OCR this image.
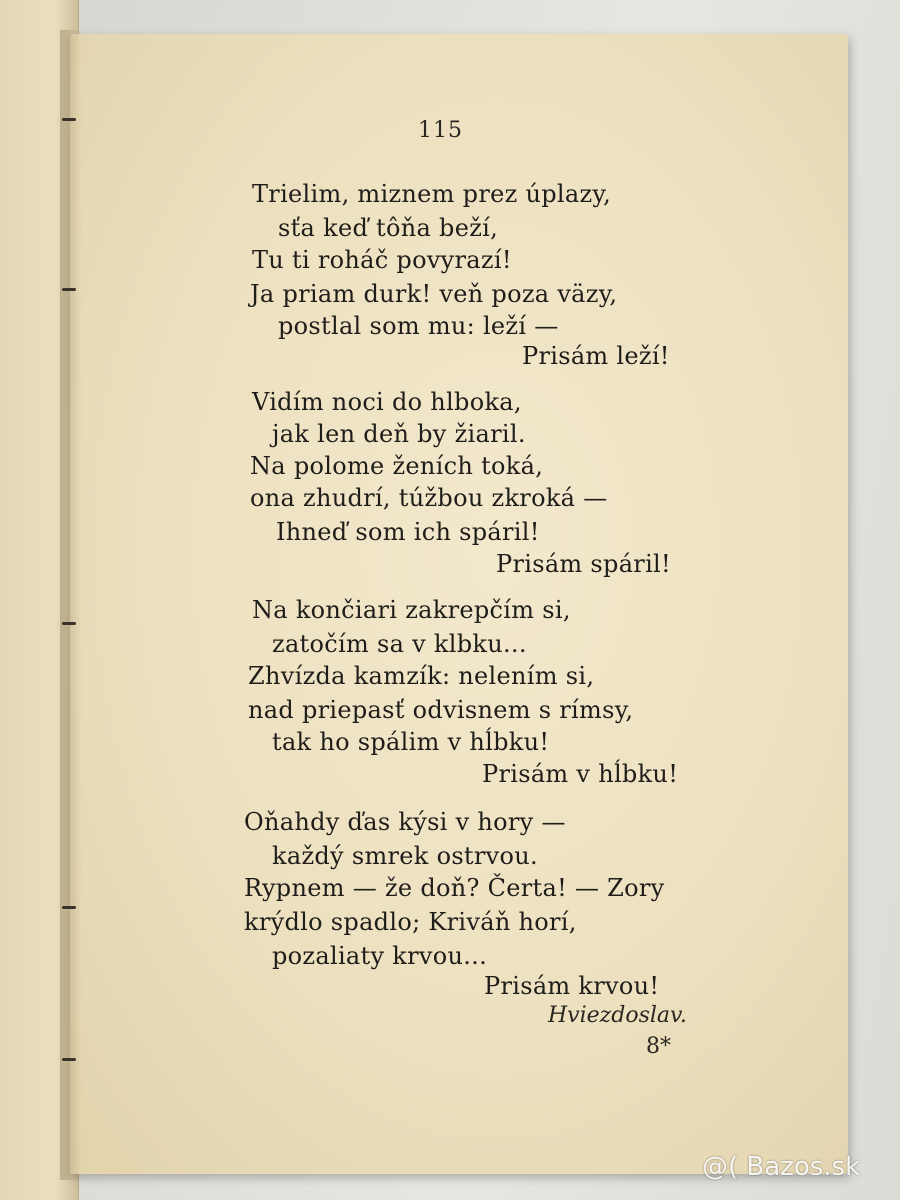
115
Trielim, miznem prez úplazy,
sťa keď tôňa beží,
Tu ti roháč povyrazí!
Ja priam durk! veň poza väzy,
postlal som mu: leží —
Prisám leží!
Vidím noci do hlboka,
jak len deň by žiaril.
Na polome ženích toká,
ona zhudrí, túžbou zkroká —
Ihneď som ich spáril!
Prisám spáril!
Na končiari zakrepčím si,
zatočím sa v klbku...
Zhvízda kamzík: nelením si,
nad priepasť odvisnem s rímsy,
tak ho spálim v hĺbku!
Prisám v hĺbku!
Oňahdy ďas kýsi v hory —
každý smrek ostrvou.
Rypnem — že doň? Čerta! — Zory
krýdlo spadlo; Kriváň horí,
pozaliaty krvou...
Prisám krvou!
Hviezdoslav.
8*
@( Bazos.sk
